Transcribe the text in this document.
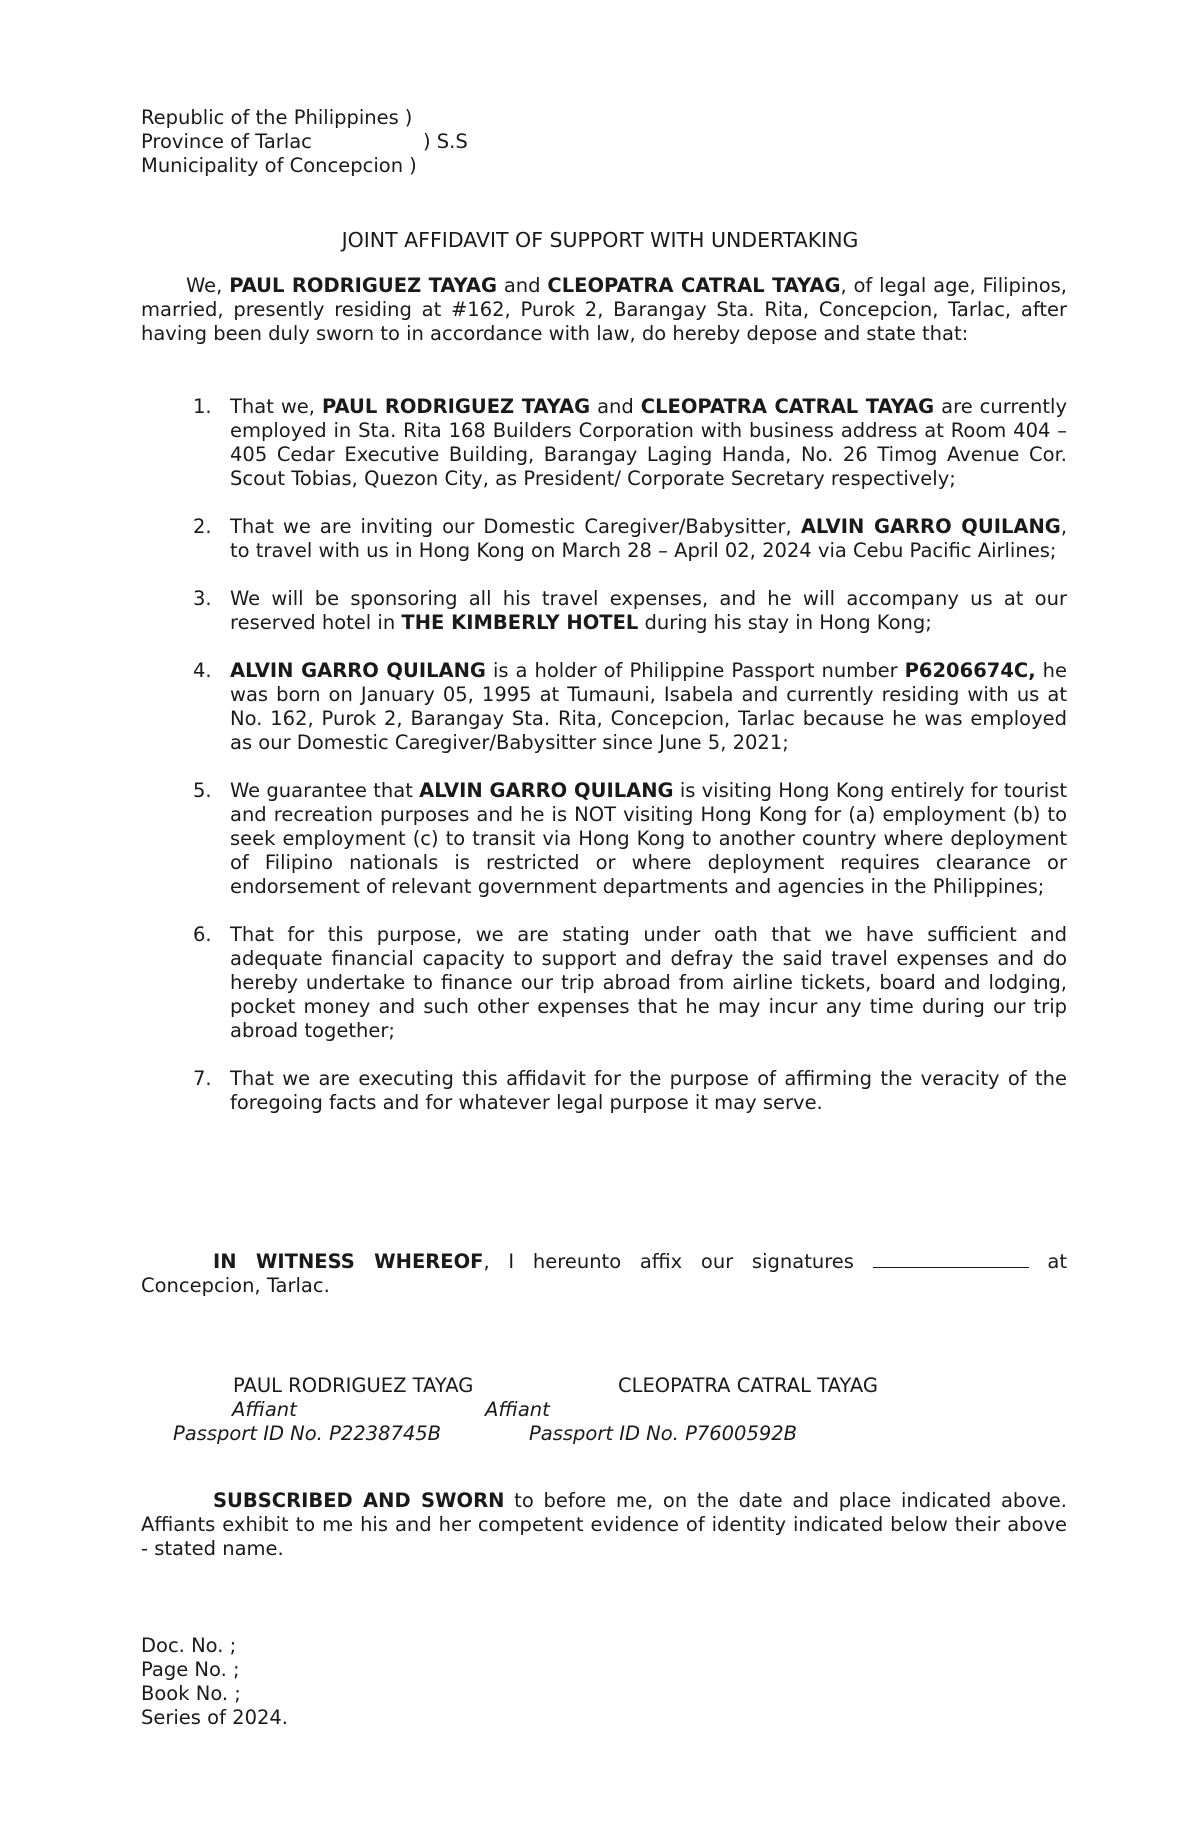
Republic of the Philippines )
Province of Tarlac	) S.S
Municipality of Concepcion )
JOINT AFFIDAVIT OF SUPPORT WITH UNDERTAKING
We, PAUL RODRIGUEZ TAYAG and CLEOPATRA CATRAL TAYAG, of legal age, Filipinos, married, presently residing at #162, Purok 2, Barangay Sta. Rita, Concepcion, Tarlac, after having been duly sworn to in accordance with law, do hereby depose and state that:
1. That we, PAUL RODRIGUEZ TAYAG and CLEOPATRA CATRAL TAYAG are currently employed in Sta. Rita 168 Builders Corporation with business address at Room 404 – 405 Cedar Executive Building, Barangay Laging Handa, No. 26 Timog Avenue Cor. Scout Tobias, Quezon City, as President/ Corporate Secretary respectively;
2. That we are inviting our Domestic Caregiver/Babysitter, ALVIN GARRO QUILANG, to travel with us in Hong Kong on March 28 – April 02, 2024 via Cebu Pacific Airlines;
3. We will be sponsoring all his travel expenses, and he will accompany us at our reserved hotel in THE KIMBERLY HOTEL during his stay in Hong Kong;
4. ALVIN GARRO QUILANG is a holder of Philippine Passport number P6206674C, he was born on January 05, 1995 at Tumauni, Isabela and currently residing with us at No. 162, Purok 2, Barangay Sta. Rita, Concepcion, Tarlac because he was employed as our Domestic Caregiver/Babysitter since June 5, 2021;
5. We guarantee that ALVIN GARRO QUILANG is visiting Hong Kong entirely for tourist and recreation purposes and he is NOT visiting Hong Kong for (a) employment (b) to seek employment (c) to transit via Hong Kong to another country where deployment of Filipino nationals is restricted or where deployment requires clearance or endorsement of relevant government departments and agencies in the Philippines;
6. That for this purpose, we are stating under oath that we have sufficient and adequate financial capacity to support and defray the said travel expenses and do hereby undertake to finance our trip abroad from airline tickets, board and lodging, pocket money and such other expenses that he may incur any time during our trip abroad together;
7. That we are executing this affidavit for the purpose of affirming the veracity of the foregoing facts and for whatever legal purpose it may serve.
IN WITNESS WHEREOF, I hereunto affix our signatures	at Concepcion, Tarlac.
PAUL RODRIGUEZ TAYAG
Affiant
Passport ID No. P2238745B
CLEOPATRA CATRAL TAYAG
Affiant
Passport ID No. P7600592B
SUBSCRIBED AND SWORN to before me, on the date and place indicated above. Affiants exhibit to me his and her competent evidence of identity indicated below their above - stated name.
Doc. No. ;
Page No. ;
Book No. ;
Series of 2024.
